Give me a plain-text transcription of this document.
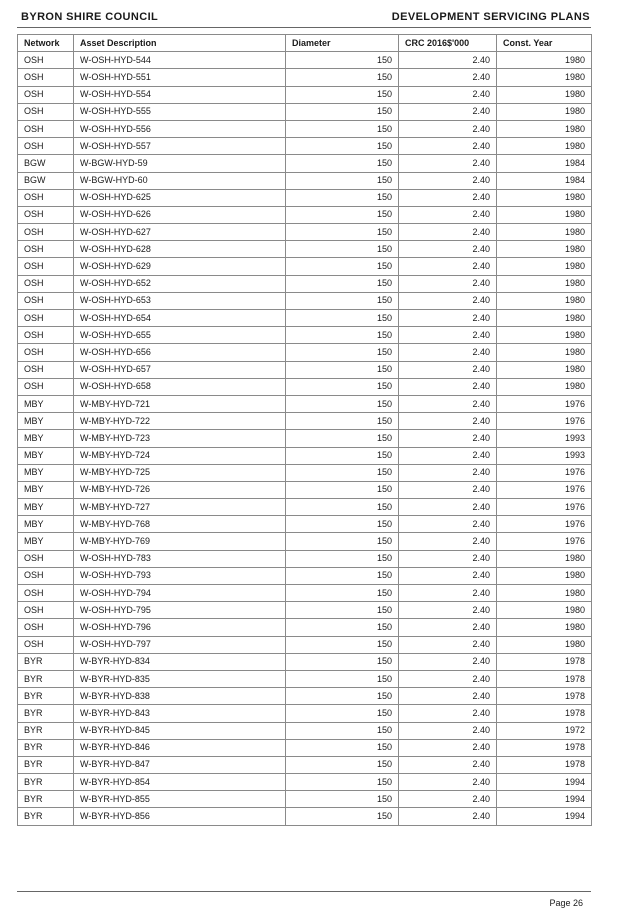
BYRON SHIRE COUNCIL	DEVELOPMENT SERVICING PLANS
Network	Asset Description	Diameter	CRC 2016$'000	Const. Year
OSH	W-OSH-HYD-544	150	2.40	1980
OSH	W-OSH-HYD-551	150	2.40	1980
OSH	W-OSH-HYD-554	150	2.40	1980
OSH	W-OSH-HYD-555	150	2.40	1980
OSH	W-OSH-HYD-556	150	2.40	1980
OSH	W-OSH-HYD-557	150	2.40	1980
BGW	W-BGW-HYD-59	150	2.40	1984
BGW	W-BGW-HYD-60	150	2.40	1984
OSH	W-OSH-HYD-625	150	2.40	1980
OSH	W-OSH-HYD-626	150	2.40	1980
OSH	W-OSH-HYD-627	150	2.40	1980
OSH	W-OSH-HYD-628	150	2.40	1980
OSH	W-OSH-HYD-629	150	2.40	1980
OSH	W-OSH-HYD-652	150	2.40	1980
OSH	W-OSH-HYD-653	150	2.40	1980
OSH	W-OSH-HYD-654	150	2.40	1980
OSH	W-OSH-HYD-655	150	2.40	1980
OSH	W-OSH-HYD-656	150	2.40	1980
OSH	W-OSH-HYD-657	150	2.40	1980
OSH	W-OSH-HYD-658	150	2.40	1980
MBY	W-MBY-HYD-721	150	2.40	1976
MBY	W-MBY-HYD-722	150	2.40	1976
MBY	W-MBY-HYD-723	150	2.40	1993
MBY	W-MBY-HYD-724	150	2.40	1993
MBY	W-MBY-HYD-725	150	2.40	1976
MBY	W-MBY-HYD-726	150	2.40	1976
MBY	W-MBY-HYD-727	150	2.40	1976
MBY	W-MBY-HYD-768	150	2.40	1976
MBY	W-MBY-HYD-769	150	2.40	1976
OSH	W-OSH-HYD-783	150	2.40	1980
OSH	W-OSH-HYD-793	150	2.40	1980
OSH	W-OSH-HYD-794	150	2.40	1980
OSH	W-OSH-HYD-795	150	2.40	1980
OSH	W-OSH-HYD-796	150	2.40	1980
OSH	W-OSH-HYD-797	150	2.40	1980
BYR	W-BYR-HYD-834	150	2.40	1978
BYR	W-BYR-HYD-835	150	2.40	1978
BYR	W-BYR-HYD-838	150	2.40	1978
BYR	W-BYR-HYD-843	150	2.40	1978
BYR	W-BYR-HYD-845	150	2.40	1972
BYR	W-BYR-HYD-846	150	2.40	1978
BYR	W-BYR-HYD-847	150	2.40	1978
BYR	W-BYR-HYD-854	150	2.40	1994
BYR	W-BYR-HYD-855	150	2.40	1994
BYR	W-BYR-HYD-856	150	2.40	1994
Page 26
